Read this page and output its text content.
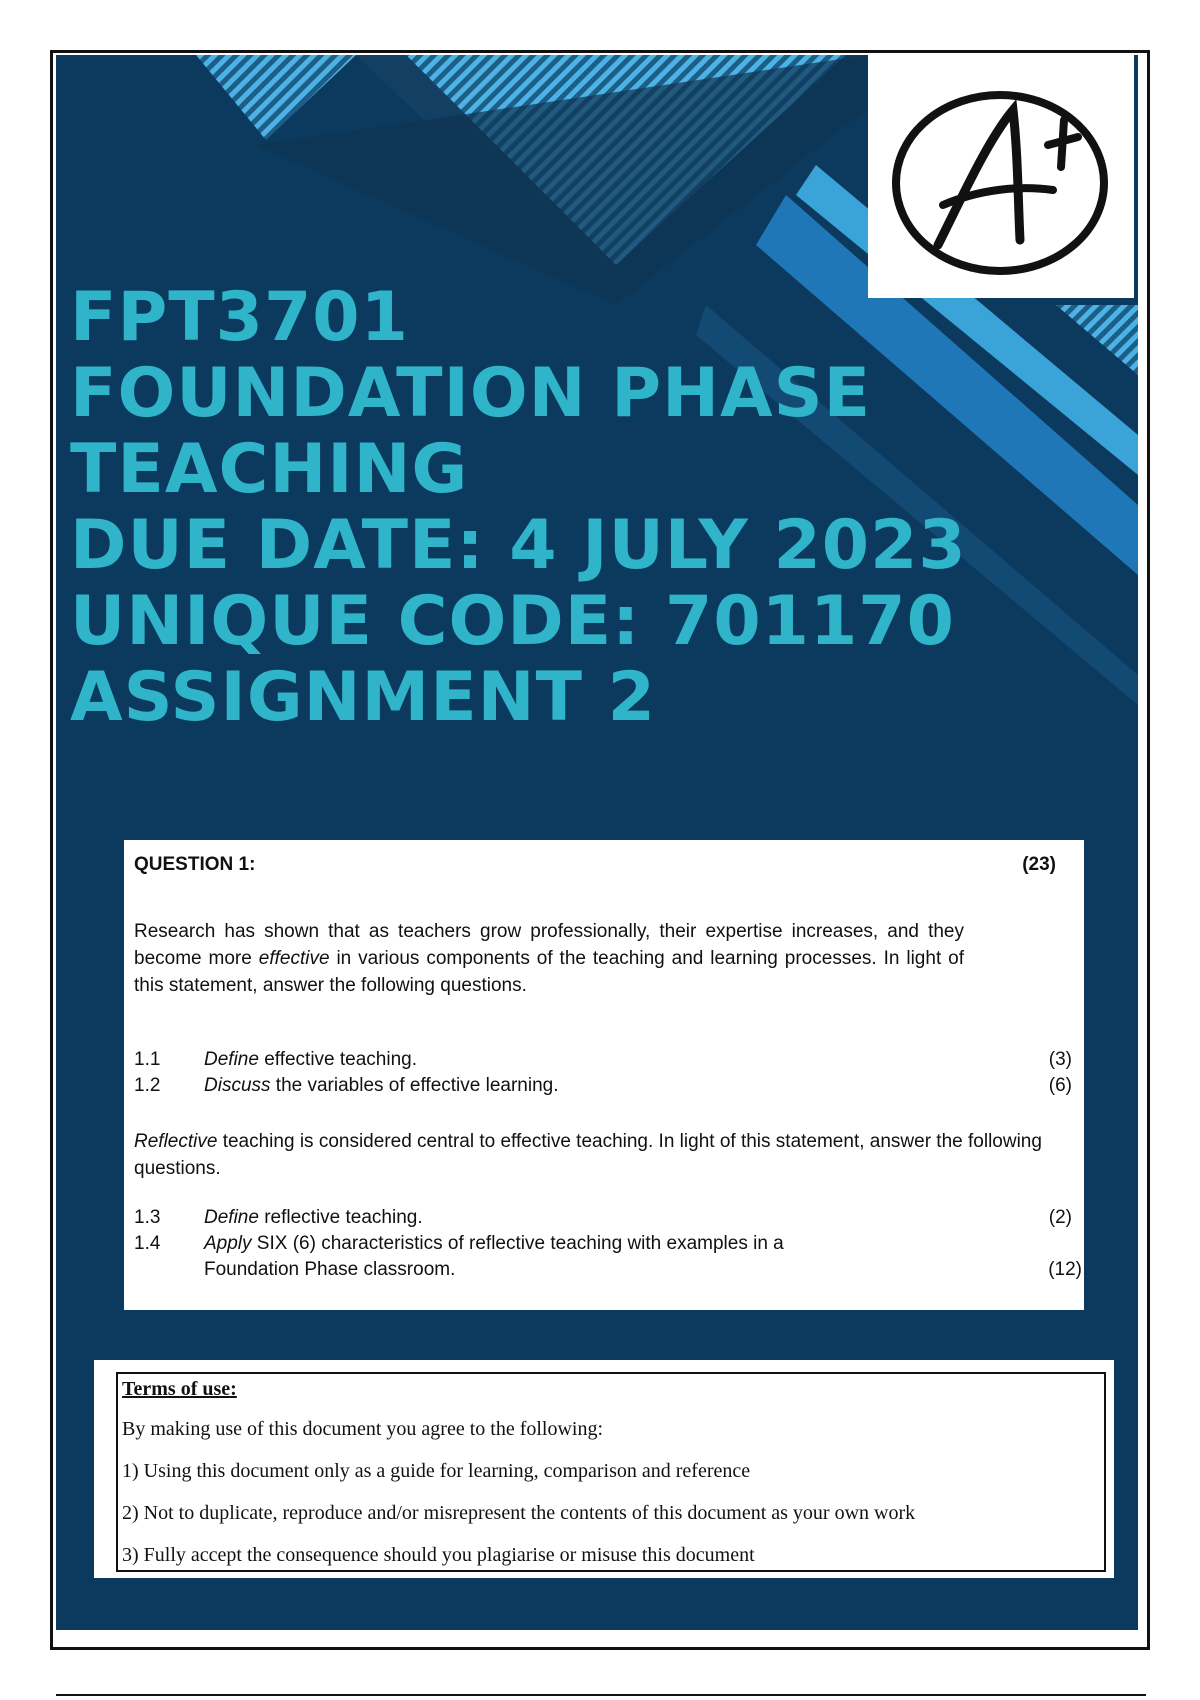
FPT3701
FOUNDATION PHASE
TEACHING
DUE DATE: 4 JULY 2023
UNIQUE CODE: 701170
ASSIGNMENT 2
QUESTION 1:	(23)
Research has shown that as teachers grow professionally, their expertise increases, and they become more effective in various components of the teaching and learning processes. In light of this statement, answer the following questions.
1.1 Define effective teaching.	(3)
1.2 Discuss the variables of effective learning.	(6)
Reflective teaching is considered central to effective teaching. In light of this statement, answer the following questions.
1.3 Define reflective teaching.	(2)
1.4 Apply SIX (6) characteristics of reflective teaching with examples in a
Foundation Phase classroom.	(12)
Terms of use:
By making use of this document you agree to the following:
1) Using this document only as a guide for learning, comparison and reference
2) Not to duplicate, reproduce and/or misrepresent the contents of this document as your own work
3) Fully accept the consequence should you plagiarise or misuse this document
